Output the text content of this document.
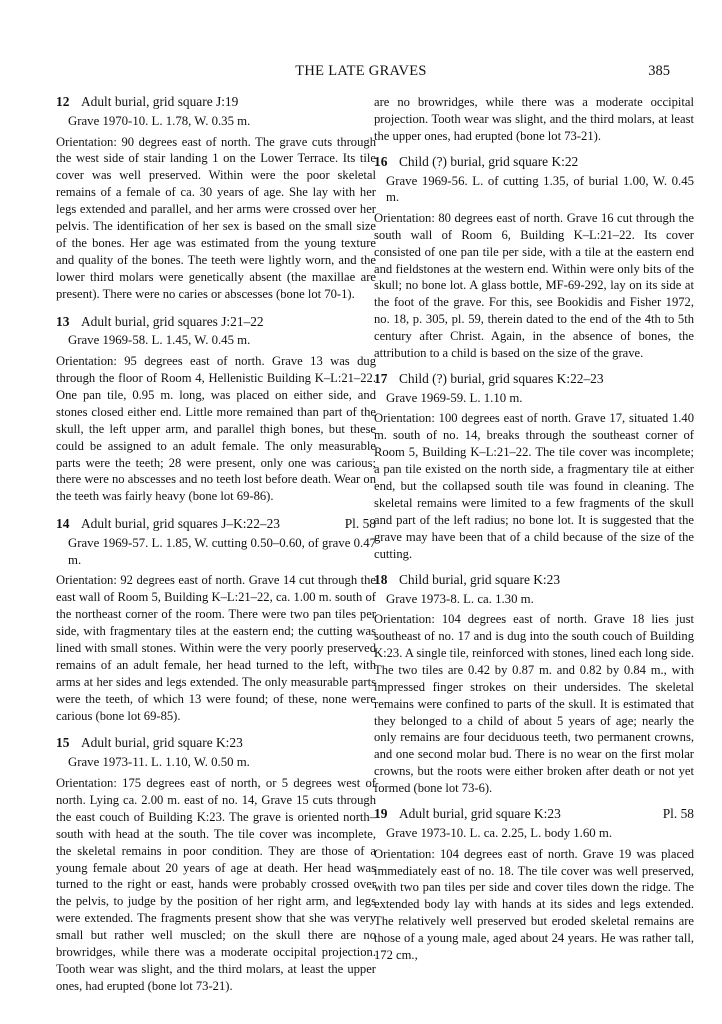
THE LATE GRAVES	385
12 Adult burial, grid square J:19
Grave 1970-10. L. 1.78, W. 0.35 m.
Orientation: 90 degrees east of north. The grave cuts through the west side of stair landing 1 on the Lower Terrace. Its tile cover was well preserved. Within were the poor skeletal remains of a female of ca. 30 years of age. She lay with her legs extended and parallel, and her arms were crossed over her pelvis. The identification of her sex is based on the small size of the bones. Her age was estimated from the young texture and quality of the bones. The teeth were lightly worn, and the lower third molars were genetically absent (the maxillae are present). There were no caries or abscesses (bone lot 70-1).
13 Adult burial, grid squares J:21–22
Grave 1969-58. L. 1.45, W. 0.45 m.
Orientation: 95 degrees east of north. Grave 13 was dug through the floor of Room 4, Hellenistic Building K–L:21–22. One pan tile, 0.95 m. long, was placed on either side, and stones closed either end. Little more remained than part of the skull, the left upper arm, and parallel thigh bones, but these could be assigned to an adult female. The only measurable parts were the teeth; 28 were present, only one was carious; there were no abscesses and no teeth lost before death. Wear on the teeth was fairly heavy (bone lot 69-86).
14 Adult burial, grid squares J–K:22–23	Pl. 58
Grave 1969-57. L. 1.85, W. cutting 0.50–0.60, of grave 0.47 m.
Orientation: 92 degrees east of north. Grave 14 cut through the east wall of Room 5, Building K–L:21–22, ca. 1.00 m. south of the northeast corner of the room. There were two pan tiles per side, with fragmentary tiles at the eastern end; the cutting was lined with small stones. Within were the very poorly preserved remains of an adult female, her head turned to the left, with arms at her sides and legs extended. The only measurable parts were the teeth, of which 13 were found; of these, none were carious (bone lot 69-85).
15 Adult burial, grid square K:23
Grave 1973-11. L. 1.10, W. 0.50 m.
Orientation: 175 degrees east of north, or 5 degrees west of north. Lying ca. 2.00 m. east of no. 14, Grave 15 cuts through the east couch of Building K:23. The grave is oriented north–south with head at the south. The tile cover was incomplete, the skeletal remains in poor condition. They are those of a young female about 20 years of age at death. Her head was turned to the right or east, hands were probably crossed over the pelvis, to judge by the position of her right arm, and legs were extended. The fragments present show that she was very small but rather well muscled; on the skull there are no browridges, while there was a moderate occipital projection. Tooth wear was slight, and the third molars, at least the upper ones, had erupted (bone lot 73-21).
are no browridges, while there was a moderate occipital projection. Tooth wear was slight, and the third molars, at least the upper ones, had erupted (bone lot 73-21).
16 Child (?) burial, grid square K:22
Grave 1969-56. L. of cutting 1.35, of burial 1.00, W. 0.45 m.
Orientation: 80 degrees east of north. Grave 16 cut through the south wall of Room 6, Building K–L:21–22. Its cover consisted of one pan tile per side, with a tile at the eastern end and fieldstones at the western end. Within were only bits of the skull; no bone lot. A glass bottle, MF-69-292, lay on its side at the foot of the grave. For this, see Bookidis and Fisher 1972, no. 18, p. 305, pl. 59, therein dated to the end of the 4th to 5th century after Christ. Again, in the absence of bones, the attribution to a child is based on the size of the grave.
17 Child (?) burial, grid squares K:22–23
Grave 1969-59. L. 1.10 m.
Orientation: 100 degrees east of north. Grave 17, situated 1.40 m. south of no. 14, breaks through the southeast corner of Room 5, Building K–L:21–22. The tile cover was incomplete; a pan tile existed on the north side, a fragmentary tile at either end, but the collapsed south tile was found in cleaning. The skeletal remains were limited to a few fragments of the skull and part of the left radius; no bone lot. It is suggested that the grave may have been that of a child because of the size of the cutting.
18 Child burial, grid square K:23
Grave 1973-8. L. ca. 1.30 m.
Orientation: 104 degrees east of north. Grave 18 lies just southeast of no. 17 and is dug into the south couch of Building K:23. A single tile, reinforced with stones, lined each long side. The two tiles are 0.42 by 0.87 m. and 0.82 by 0.84 m., with impressed finger strokes on their undersides. The skeletal remains were confined to parts of the skull. It is estimated that they belonged to a child of about 5 years of age; nearly the only remains are four deciduous teeth, two permanent crowns, and one second molar bud. There is no wear on the first molar crowns, but the roots were either broken after death or not yet formed (bone lot 73-6).
19 Adult burial, grid square K:23	Pl. 58
Grave 1973-10. L. ca. 2.25, L. body 1.60 m.
Orientation: 104 degrees east of north. Grave 19 was placed immediately east of no. 18. The tile cover was well preserved, with two pan tiles per side and cover tiles down the ridge. The extended body lay with hands at its sides and legs extended. The relatively well preserved but eroded skeletal remains are those of a young male, aged about 24 years. He was rather tall, 172 cm.,
